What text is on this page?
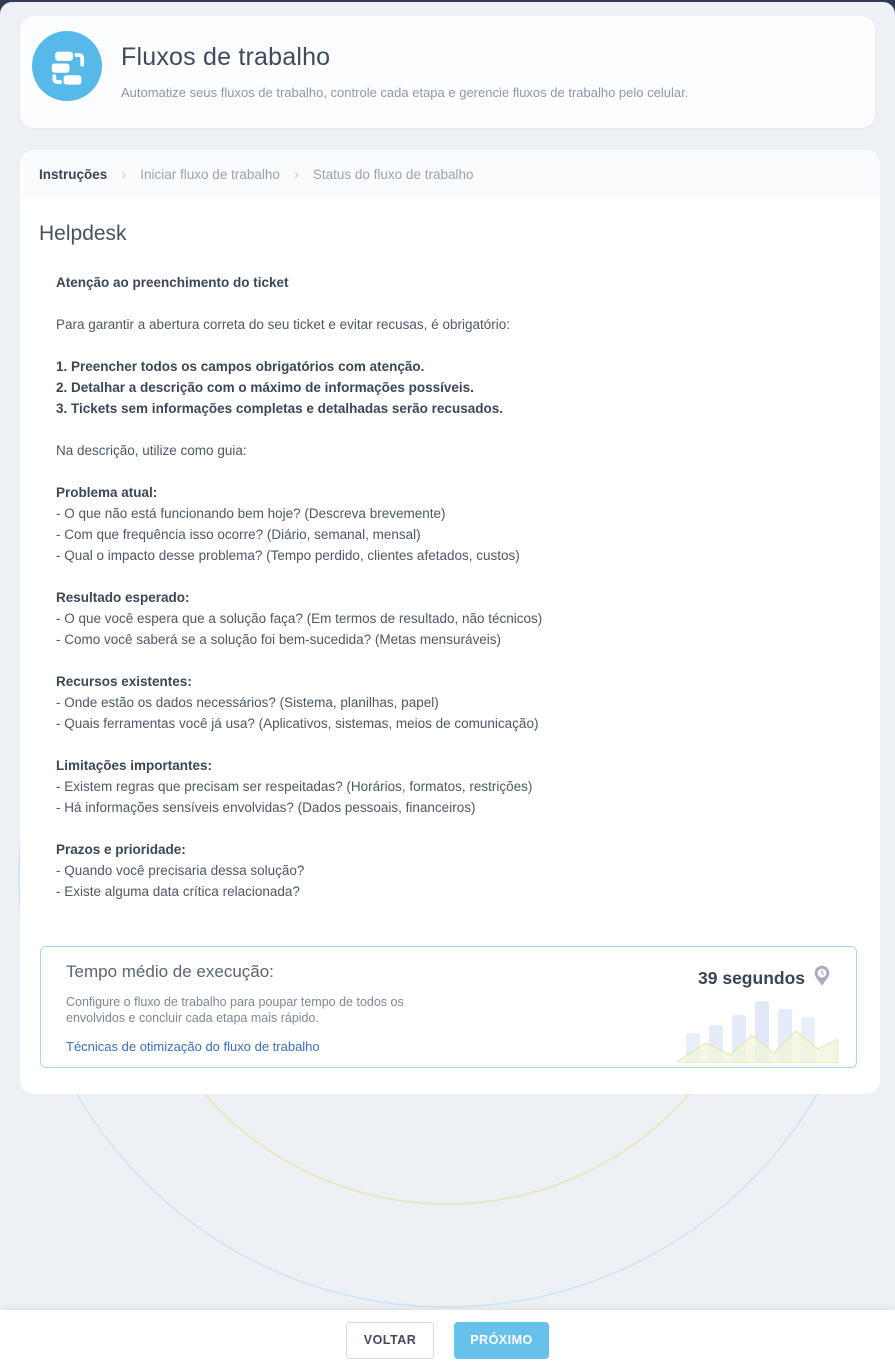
Fluxos de trabalho

Automatize seus fluxos de trabalho, controle cada etapa e gerencie fluxos de trabalho pelo celular.

Instruções › Iniciar fluxo de trabalho › Status do fluxo de trabalho
Helpdesk
Atenção ao preenchimento do ticket
Para garantir a abertura correta do seu ticket e evitar recusas, é obrigatório:
1. Preencher todos os campos obrigatórios com atenção.
2. Detalhar a descrição com o máximo de informações possíveis.
3. Tickets sem informações completas e detalhadas serão recusados.
Na descrição, utilize como guia:
Problema atual:
- O que não está funcionando bem hoje? (Descreva brevemente)
- Com que frequência isso ocorre? (Diário, semanal, mensal)
- Qual o impacto desse problema? (Tempo perdido, clientes afetados, custos)
Resultado esperado:
- O que você espera que a solução faça? (Em termos de resultado, não técnicos)
- Como você saberá se a solução foi bem-sucedida? (Metas mensuráveis)
Recursos existentes:
- Onde estão os dados necessários? (Sistema, planilhas, papel)
- Quais ferramentas você já usa? (Aplicativos, sistemas, meios de comunicação)
Limitações importantes:
- Existem regras que precisam ser respeitadas? (Horários, formatos, restrições)
- Há informações sensíveis envolvidas? (Dados pessoais, financeiros)
Prazos e prioridade:
- Quando você precisaria dessa solução?
- Existe alguma data crítica relacionada?
Tempo médio de execução:

Configure o fluxo de trabalho para poupar tempo de todos os envolvidos e concluir cada etapa mais rápido.

Técnicas de otimização do fluxo de trabalho
39 segundos
VOLTAR	PRÓXIMO
